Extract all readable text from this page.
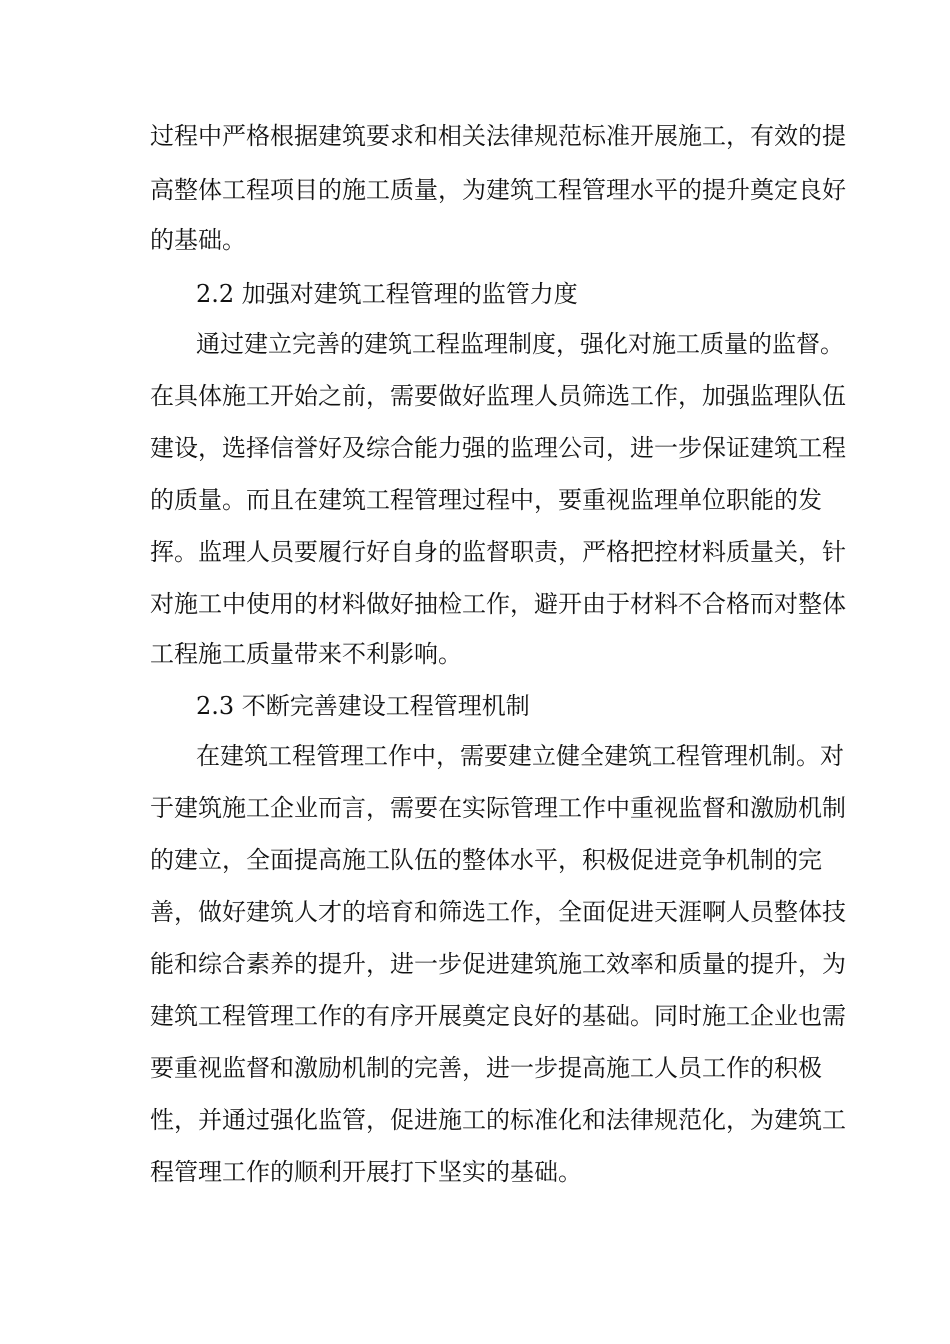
过程中严格根据建筑要求和相关法律规范标准开展施工，有效的提
高整体工程项目的施工质量，为建筑工程管理水平的提升奠定良好
的基础。
2.2 加强对建筑工程管理的监管力度
通过建立完善的建筑工程监理制度，强化对施工质量的监督。
在具体施工开始之前，需要做好监理人员筛选工作，加强监理队伍
建设，选择信誉好及综合能力强的监理公司，进一步保证建筑工程
的质量。而且在建筑工程管理过程中，要重视监理单位职能的发
挥。监理人员要履行好自身的监督职责，严格把控材料质量关，针
对施工中使用的材料做好抽检工作，避开由于材料不合格而对整体
工程施工质量带来不利影响。
2.3 不断完善建设工程管理机制
在建筑工程管理工作中，需要建立健全建筑工程管理机制。对
于建筑施工企业而言，需要在实际管理工作中重视监督和激励机制
的建立，全面提高施工队伍的整体水平，积极促进竞争机制的完
善，做好建筑人才的培育和筛选工作，全面促进天涯啊人员整体技
能和综合素养的提升，进一步促进建筑施工效率和质量的提升，为
建筑工程管理工作的有序开展奠定良好的基础。同时施工企业也需
要重视监督和激励机制的完善，进一步提高施工人员工作的积极
性，并通过强化监管，促进施工的标准化和法律规范化，为建筑工
程管理工作的顺利开展打下坚实的基础。
